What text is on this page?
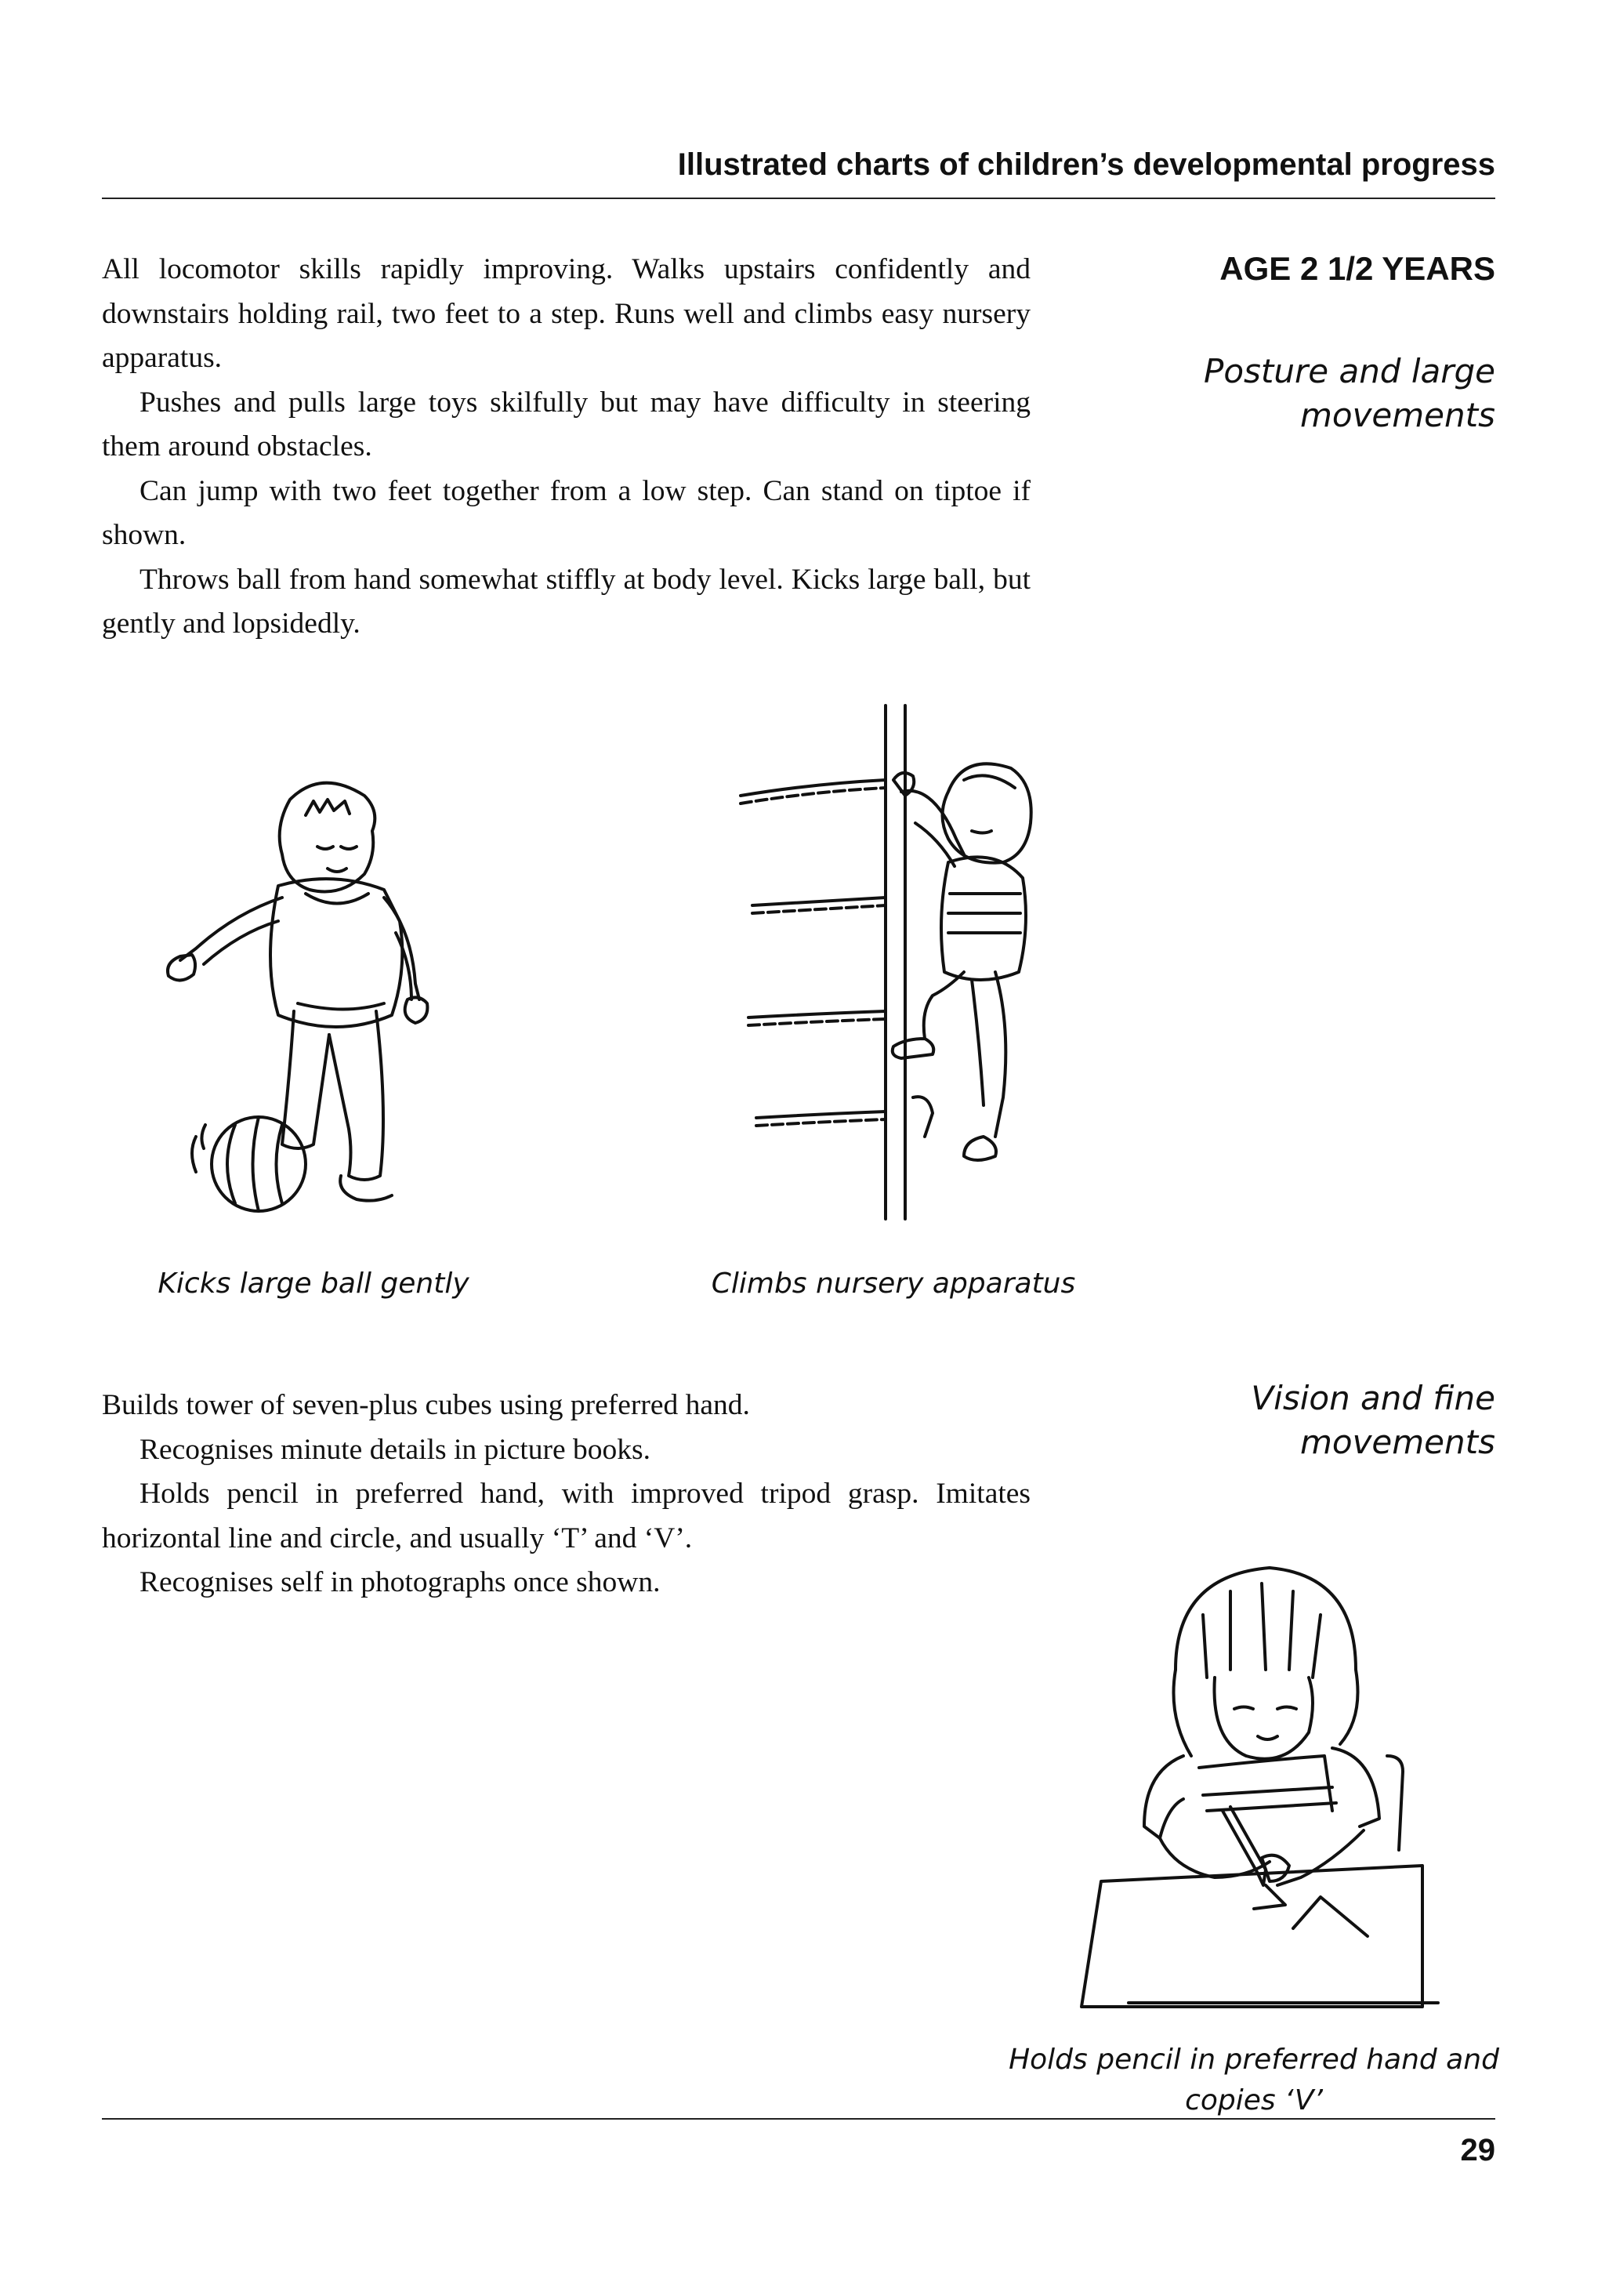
Illustrated charts of children’s developmental progress
AGE 2 1/2 YEARS
Posture and large
movements
Vision and fine
movements

All locomotor skills rapidly improving. Walks upstairs confidently and downstairs holding rail, two feet to a step. Runs well and climbs easy nursery apparatus.

Pushes and pulls large toys skilfully but may have difficulty in steering them around obstacles.

Can jump with two feet together from a low step. Can stand on tiptoe if shown.

Throws ball from hand somewhat stiffly at body level. Kicks large ball, but gently and lopsidedly.

Kicks large ball gently	Climbs nursery apparatus

Builds tower of seven-plus cubes using preferred hand.

Recognises minute details in picture books.

Holds pencil in preferred hand, with improved tripod grasp. Imitates horizontal line and circle, and usually ‘T’ and ‘V’.

Recognises self in photographs once shown.

Holds pencil in preferred hand and
copies ‘V’
29
